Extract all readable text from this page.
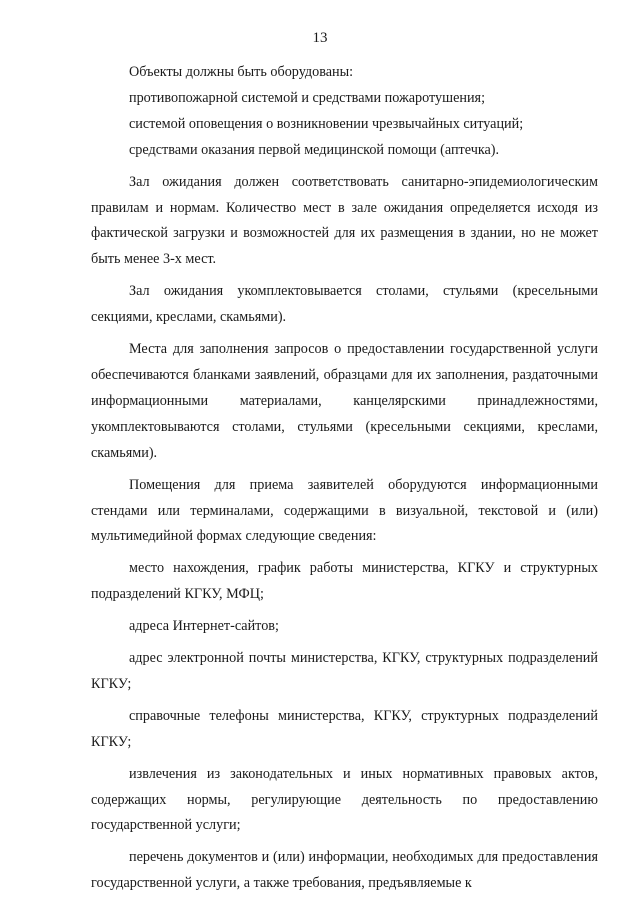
13

Объекты должны быть оборудованы:

противопожарной системой и средствами пожаротушения;

системой оповещения о возникновении чрезвычайных ситуаций;

средствами оказания первой медицинской помощи (аптечка).

Зал ожидания должен соответствовать санитарно-эпидемиологическим правилам и нормам. Количество мест в зале ожидания определяется исходя из фактической загрузки и возможностей для их размещения в здании, но не может быть менее 3-х мест.

Зал ожидания укомплектовывается столами, стульями (кресельными секциями, креслами, скамьями).

Места для заполнения запросов о предоставлении государственной услуги обеспечиваются бланками заявлений, образцами для их заполнения, раздаточными информационными материалами, канцелярскими принадлежностями, укомплектовываются столами, стульями (кресельными секциями, креслами, скамьями).

Помещения для приема заявителей оборудуются информационными стендами или терминалами, содержащими в визуальной, текстовой и (или) мультимедийной формах следующие сведения:

место нахождения, график работы министерства, КГКУ и структурных подразделений КГКУ, МФЦ;

адреса Интернет-сайтов;

адрес электронной почты министерства, КГКУ, структурных подразделений КГКУ;

справочные телефоны министерства, КГКУ, структурных подразделений КГКУ;

извлечения из законодательных и иных нормативных правовых актов, содержащих нормы, регулирующие деятельность по предоставлению государственной услуги;

перечень документов и (или) информации, необходимых для предоставления государственной услуги, а также требования, предъявляемые к
